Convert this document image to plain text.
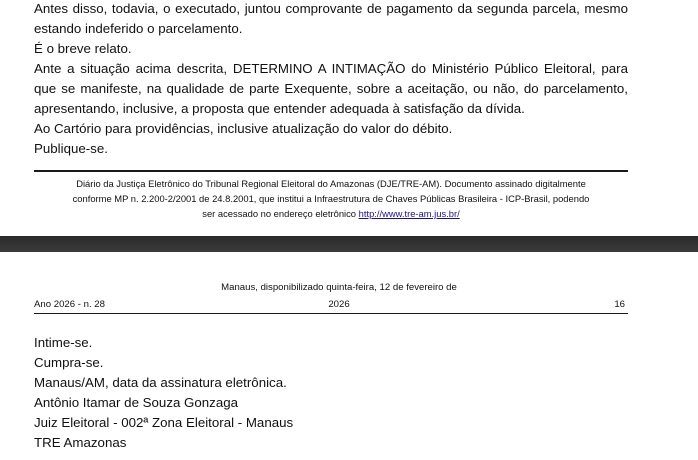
Antes disso, todavia, o executado, juntou comprovante de pagamento da segunda parcela, mesmo

estando indeferido o parcelamento.

É o breve relato.

Ante a situação acima descrita, DETERMINO A INTIMAÇÃO do Ministério Público Eleitoral, para

que se manifeste, na qualidade de parte Exequente, sobre a aceitação, ou não, do parcelamento,

apresentando, inclusive, a proposta que entender adequada à satisfação da dívida.

Ao Cartório para providências, inclusive atualização do valor do débito.

Publique-se.

Diário da Justiça Eletrônico do Tribunal Regional Eleitoral do Amazonas (DJE/TRE-AM). Documento assinado digitalmente
conforme MP n. 2.200-2/2001 de 24.8.2001, que institui a Infraestrutura de Chaves Públicas Brasileira - ICP-Brasil, podendo
ser acessado no endereço eletrônico http://www.tre-am.jus.br/
Manaus, disponibilizado quinta-feira, 12 de fevereiro de
2026
Ano 2026 - n. 28	16

Intime-se.

Cumpra-se.

Manaus/AM, data da assinatura eletrônica.

Antônio Itamar de Souza Gonzaga

Juiz Eleitoral - 002ª Zona Eleitoral - Manaus

TRE Amazonas
